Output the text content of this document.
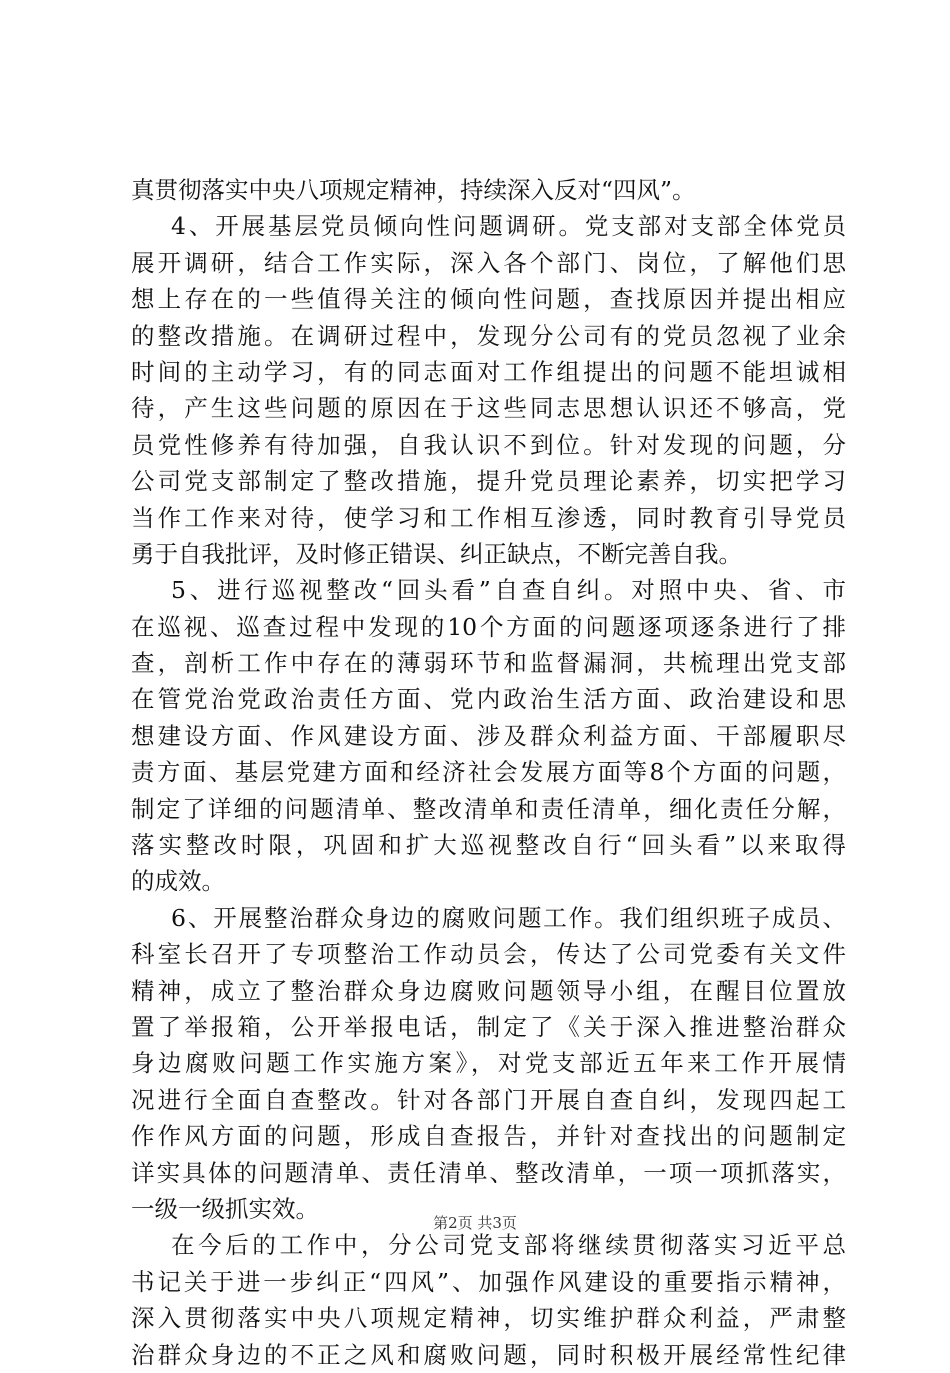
真贯彻落实中央八项规定精神，持续深入反对“四风”。
4、开展基层党员倾向性问题调研。党支部对支部全体党员
展开调研，结合工作实际，深入各个部门、岗位，了解他们思
想上存在的一些值得关注的倾向性问题，查找原因并提出相应
的整改措施。在调研过程中，发现分公司有的党员忽视了业余
时间的主动学习，有的同志面对工作组提出的问题不能坦诚相
待，产生这些问题的原因在于这些同志思想认识还不够高，党
员党性修养有待加强，自我认识不到位。针对发现的问题，分
公司党支部制定了整改措施，提升党员理论素养，切实把学习
当作工作来对待，使学习和工作相互渗透，同时教育引导党员
勇于自我批评，及时修正错误、纠正缺点，不断完善自我。
5、进行巡视整改“回头看”自查自纠。对照中央、省、市
在巡视、巡查过程中发现的10个方面的问题逐项逐条进行了排
查，剖析工作中存在的薄弱环节和监督漏洞，共梳理出党支部
在管党治党政治责任方面、党内政治生活方面、政治建设和思
想建设方面、作风建设方面、涉及群众利益方面、干部履职尽
责方面、基层党建方面和经济社会发展方面等8个方面的问题，
制定了详细的问题清单、整改清单和责任清单，细化责任分解，
落实整改时限，巩固和扩大巡视整改自行“回头看”以来取得
的成效。
6、开展整治群众身边的腐败问题工作。我们组织班子成员、
科室长召开了专项整治工作动员会，传达了公司党委有关文件
精神，成立了整治群众身边腐败问题领导小组，在醒目位置放
置了举报箱，公开举报电话，制定了《关于深入推进整治群众
身边腐败问题工作实施方案》，对党支部近五年来工作开展情
况进行全面自查整改。针对各部门开展自查自纠，发现四起工
作作风方面的问题，形成自查报告，并针对查找出的问题制定
详实具体的问题清单、责任清单、整改清单，一项一项抓落实，
一级一级抓实效。
在今后的工作中，分公司党支部将继续贯彻落实习近平总
书记关于进一步纠正“四风”、加强作风建设的重要指示精神，
深入贯彻落实中央八项规定精神，切实维护群众利益，严肃整
治群众身边的不正之风和腐败问题，同时积极开展经常性纪律
第2页 共3页
